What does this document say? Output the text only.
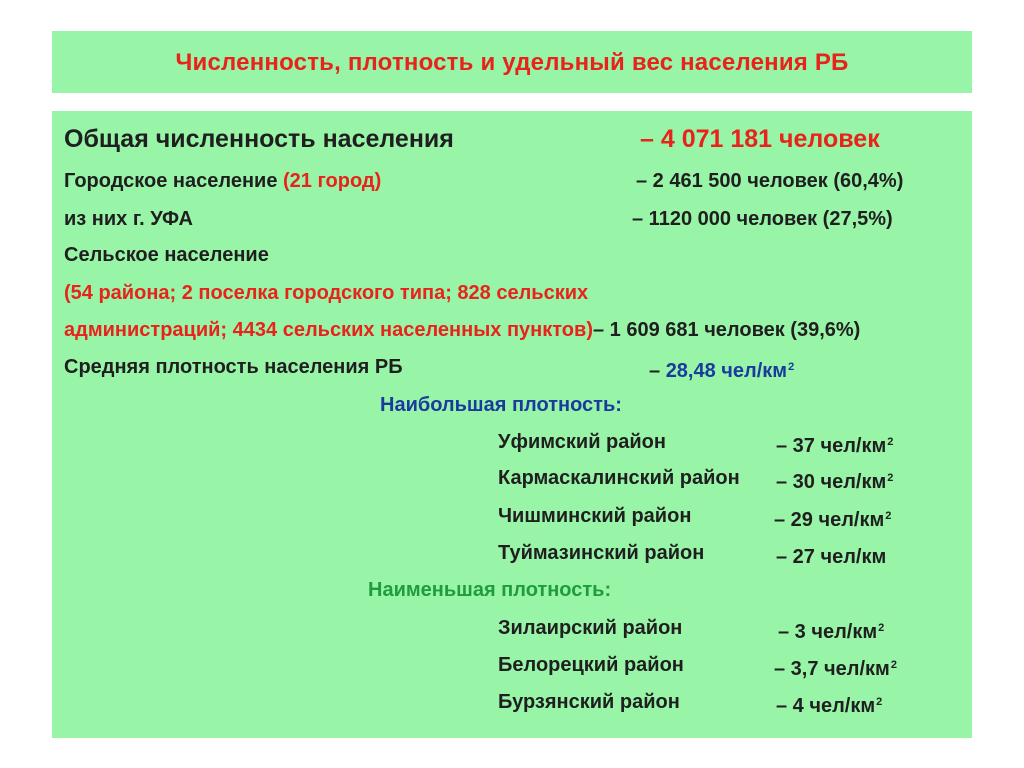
Численность, плотность и удельный вес населения РБ
Общая численность населения	– 4 071 181 человек
Городское население (21 город)	– 2 461 500 человек (60,4%)
из них г. УФА	– 1120 000 человек (27,5%)
Сельское население
(54 района; 2 поселка городского типа; 828 сельских
администраций; 4434 сельских населенных пунктов)– 1 609 681 человек (39,6%)
Средняя плотность населения РБ	– 28,48 чел/$км^2$
Наибольшая плотность:
Уфимский район	– 37 чел/$км^2$
Кармаскалинский район – 30 чел/$км^2$
Чишминский район	– 29 чел/$км^2$
Туймазинский район	– 27 чел/км
Наименьшая плотность:
Зилаирский район	– 3 чел/$км^2$
Белорецкий район	– 3,7 чел/$км^2$
Бурзянский район	– 4 чел/$км^2$
